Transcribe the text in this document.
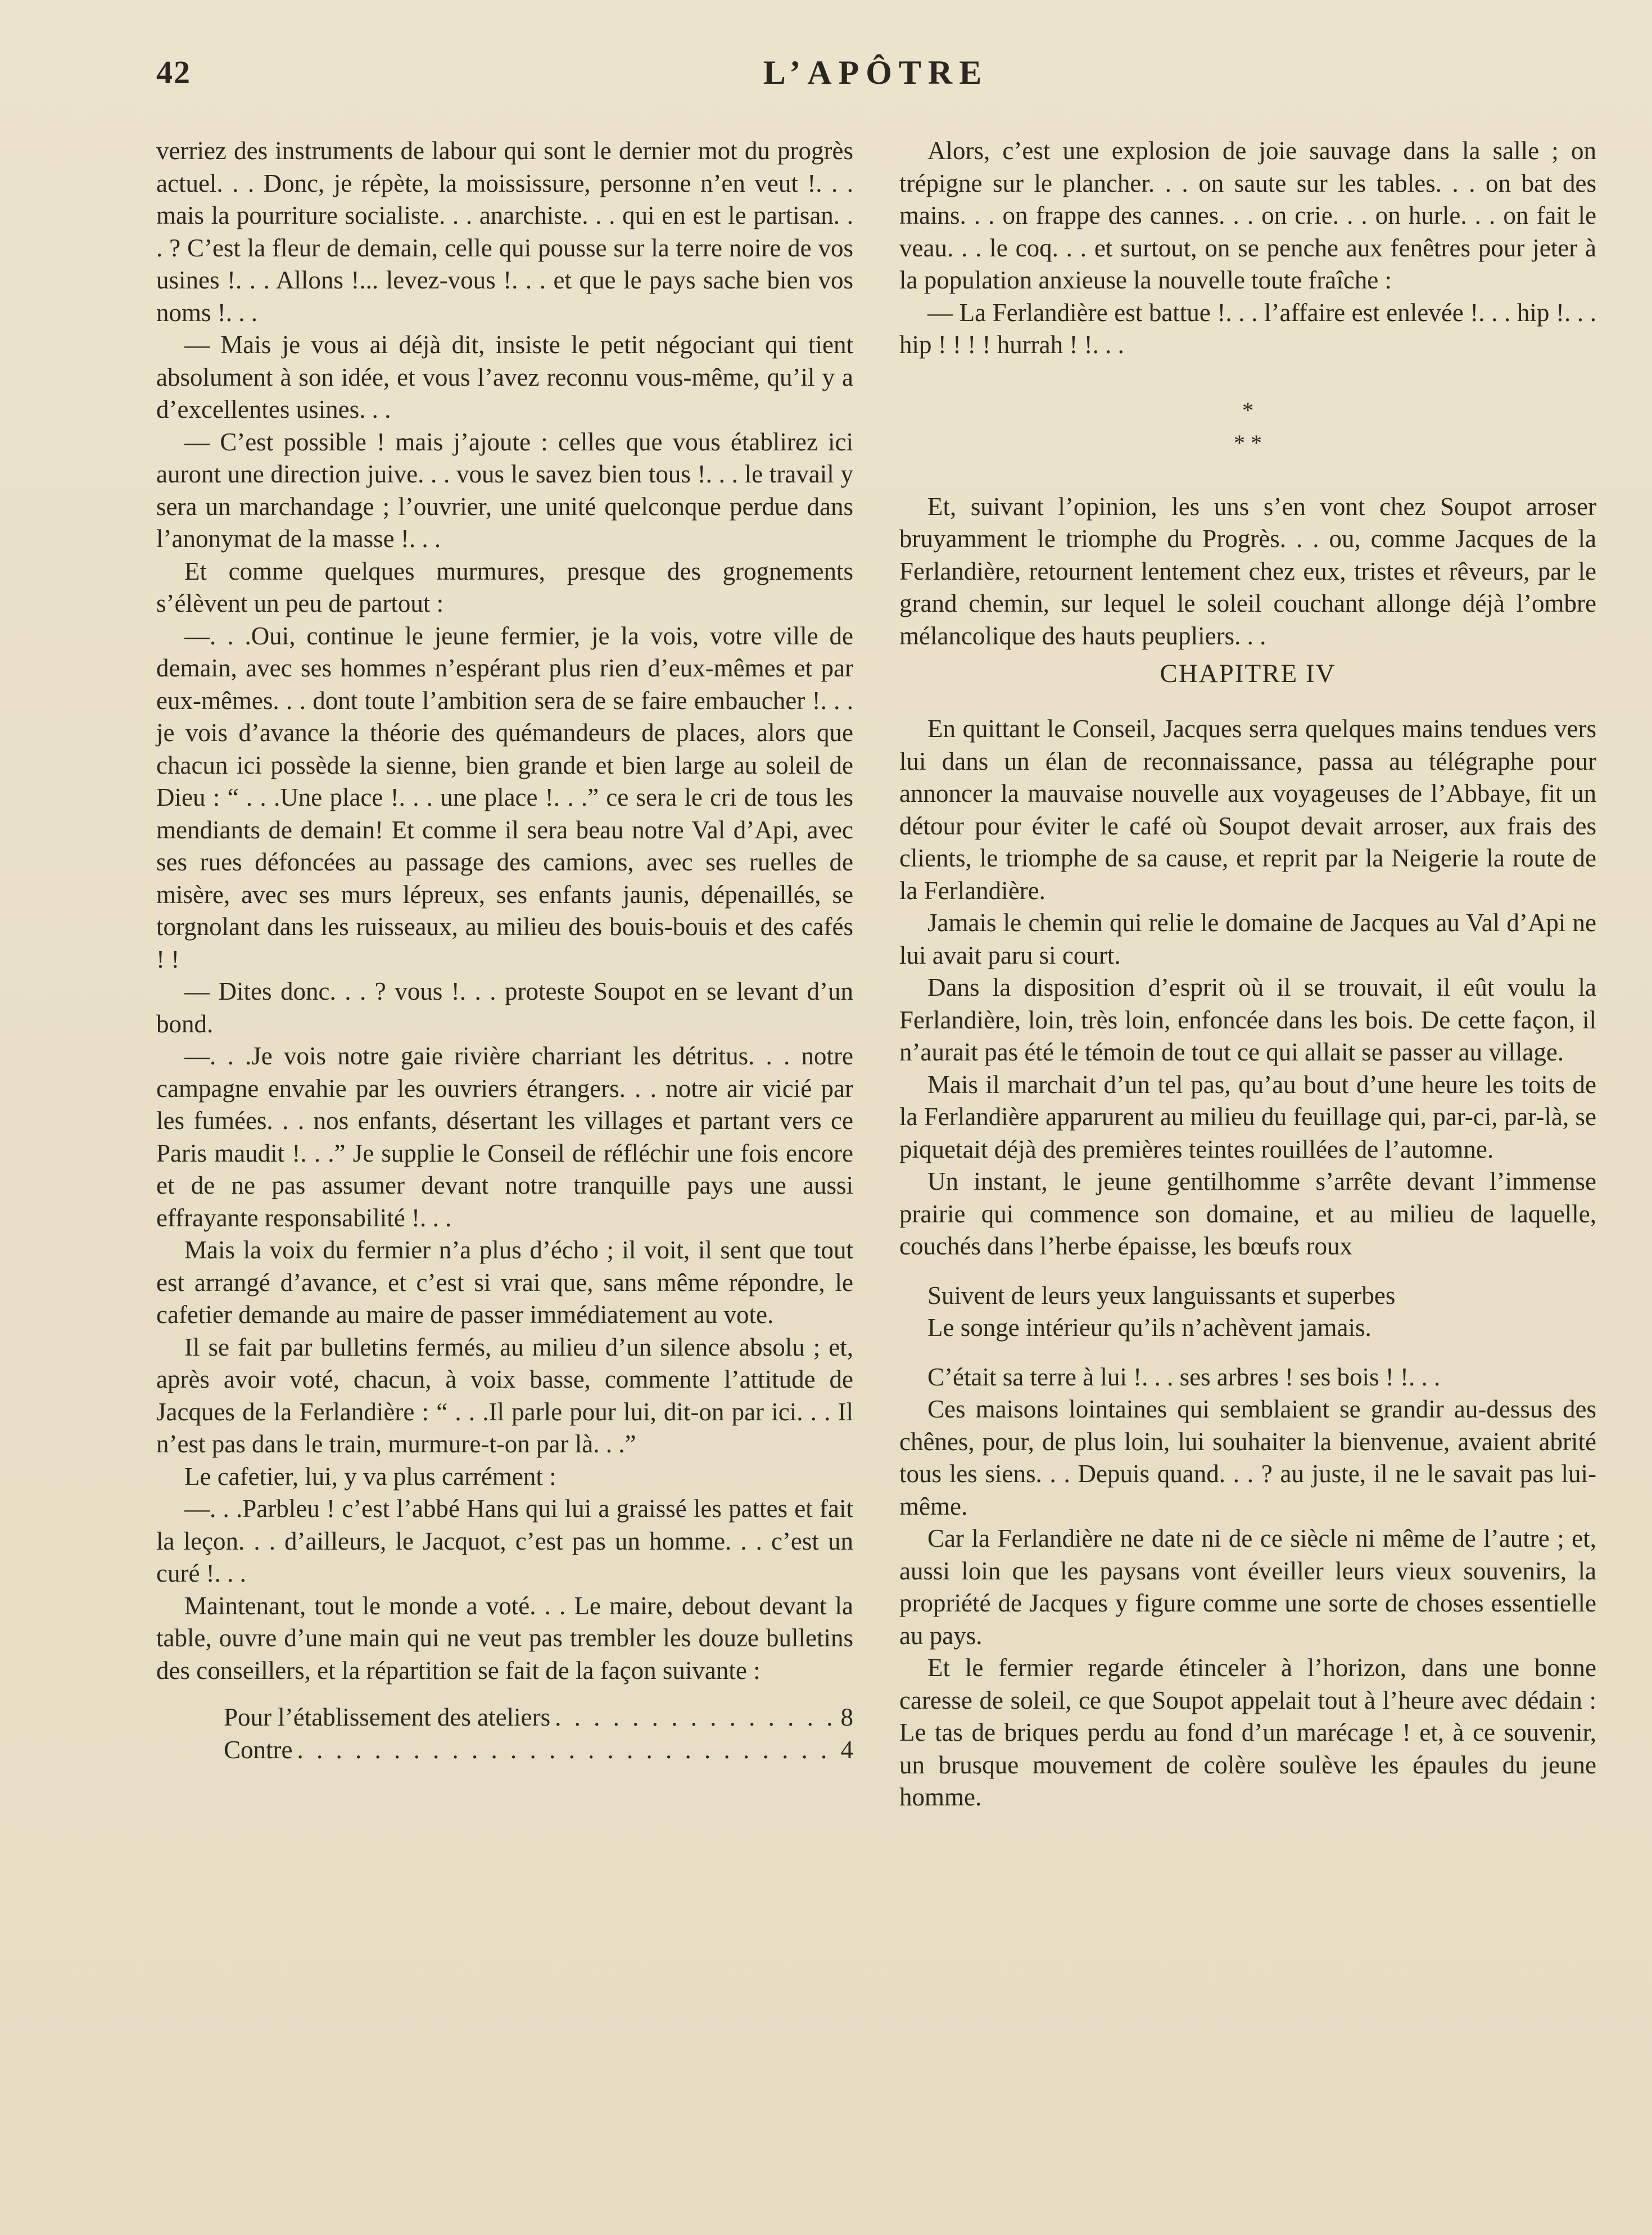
42	L’APÔTRE

verriez des instruments de labour qui sont le dernier mot du progrès actuel. . . Donc, je répète, la moississure, personne n’en veut !. . . mais la pourriture socialiste. . . anarchiste. . . qui en est le partisan. . . ? C’est la fleur de demain, celle qui pousse sur la terre noire de vos usines !. . . Allons !... levez-vous !. . . et que le pays sache bien vos noms !. . .

— Mais je vous ai déjà dit, insiste le petit négociant qui tient absolument à son idée, et vous l’avez reconnu vous-même, qu’il y a d’excellentes usines. . .

— C’est possible ! mais j’ajoute : celles que vous établirez ici auront une direction juive. . . vous le savez bien tous !. . . le travail y sera un marchandage ; l’ouvrier, une unité quelconque perdue dans l’anonymat de la masse !. . .

Et comme quelques murmures, presque des grognements s’élèvent un peu de partout :

—. . .Oui, continue le jeune fermier, je la vois, votre ville de demain, avec ses hommes n’espérant plus rien d’eux-mêmes et par eux-mêmes. . . dont toute l’ambition sera de se faire embaucher !. . . je vois d’avance la théorie des quémandeurs de places, alors que chacun ici possède la sienne, bien grande et bien large au soleil de Dieu : “ . . .Une place !. . . une place !. . .” ce sera le cri de tous les mendiants de demain! Et comme il sera beau notre Val d’Api, avec ses rues défoncées au passage des camions, avec ses ruelles de misère, avec ses murs lépreux, ses enfants jaunis, dépenaillés, se torgnolant dans les ruisseaux, au milieu des bouis-bouis et des cafés ! !

— Dites donc. . . ? vous !. . . proteste Soupot en se levant d’un bond.

—. . .Je vois notre gaie rivière charriant les détritus. . . notre campagne envahie par les ouvriers étrangers. . . notre air vicié par les fumées. . . nos enfants, désertant les villages et partant vers ce Paris maudit !. . .” Je supplie le Conseil de réfléchir une fois encore et de ne pas assumer devant notre tranquille pays une aussi effrayante responsabilité !. . .

Mais la voix du fermier n’a plus d’écho ; il voit, il sent que tout est arrangé d’avance, et c’est si vrai que, sans même répondre, le cafetier demande au maire de passer immédiatement au vote.

Il se fait par bulletins fermés, au milieu d’un silence absolu ; et, après avoir voté, chacun, à voix basse, commente l’attitude de Jacques de la Ferlandière : “ . . .Il parle pour lui, dit-on par ici. . . Il n’est pas dans le train, murmure-t-on par là. . .”

Le cafetier, lui, y va plus carrément :

—. . .Parbleu ! c’est l’abbé Hans qui lui a graissé les pattes et fait la leçon. . . d’ailleurs, le Jacquot, c’est pas un homme. . . c’est un curé !. . .

Maintenant, tout le monde a voté. . . Le maire, debout devant la table, ouvre d’une main qui ne veut pas trembler les douze bulletins des conseillers, et la répartition se fait de la façon suivante :

Pour l’établissement des ateliers . . .	8
Contre . . .	4

Alors, c’est une explosion de joie sauvage dans la salle ; on trépigne sur le plancher. . . on saute sur les tables. . . on bat des mains. . . on frappe des cannes. . . on crie. . . on hurle. . . on fait le veau. . . le coq. . . et surtout, on se penche aux fenêtres pour jeter à la population anxieuse la nouvelle toute fraîche :

— La Ferlandière est battue !. . . l’affaire est enlevée !. . . hip !. . . hip ! ! ! ! hurrah ! !. . .

*
* *

Et, suivant l’opinion, les uns s’en vont chez Soupot arroser bruyamment le triomphe du Progrès. . . ou, comme Jacques de la Ferlandière, retournent lentement chez eux, tristes et rêveurs, par le grand chemin, sur lequel le soleil couchant allonge déjà l’ombre mélancolique des hauts peupliers. . .

CHAPITRE IV

En quittant le Conseil, Jacques serra quelques mains tendues vers lui dans un élan de reconnaissance, passa au télégraphe pour annoncer la mauvaise nouvelle aux voyageuses de l’Abbaye, fit un détour pour éviter le café où Soupot devait arroser, aux frais des clients, le triomphe de sa cause, et reprit par la Neigerie la route de la Ferlandière.

Jamais le chemin qui relie le domaine de Jacques au Val d’Api ne lui avait paru si court.

Dans la disposition d’esprit où il se trouvait, il eût voulu la Ferlandière, loin, très loin, enfoncée dans les bois. De cette façon, il n’aurait pas été le témoin de tout ce qui allait se passer au village.

Mais il marchait d’un tel pas, qu’au bout d’une heure les toits de la Ferlandière apparurent au milieu du feuillage qui, par-ci, par-là, se piquetait déjà des premières teintes rouillées de l’automne.

Un instant, le jeune gentilhomme s’arrête devant l’immense prairie qui commence son domaine, et au milieu de laquelle, couchés dans l’herbe épaisse, les bœufs roux

Suivent de leurs yeux languissants et superbes
Le songe intérieur qu’ils n’achèvent jamais.

C’était sa terre à lui !. . . ses arbres ! ses bois ! !. . .

Ces maisons lointaines qui semblaient se grandir au-dessus des chênes, pour, de plus loin, lui souhaiter la bienvenue, avaient abrité tous les siens. . . Depuis quand. . . ? au juste, il ne le savait pas lui-même.

Car la Ferlandière ne date ni de ce siècle ni même de l’autre ; et, aussi loin que les paysans vont éveiller leurs vieux souvenirs, la propriété de Jacques y figure comme une sorte de choses essentielle au pays.

Et le fermier regarde étinceler à l’horizon, dans une bonne caresse de soleil, ce que Soupot appelait tout à l’heure avec dédain : Le tas de briques perdu au fond d’un marécage ! et, à ce souvenir, un brusque mouvement de colère soulève les épaules du jeune homme.
